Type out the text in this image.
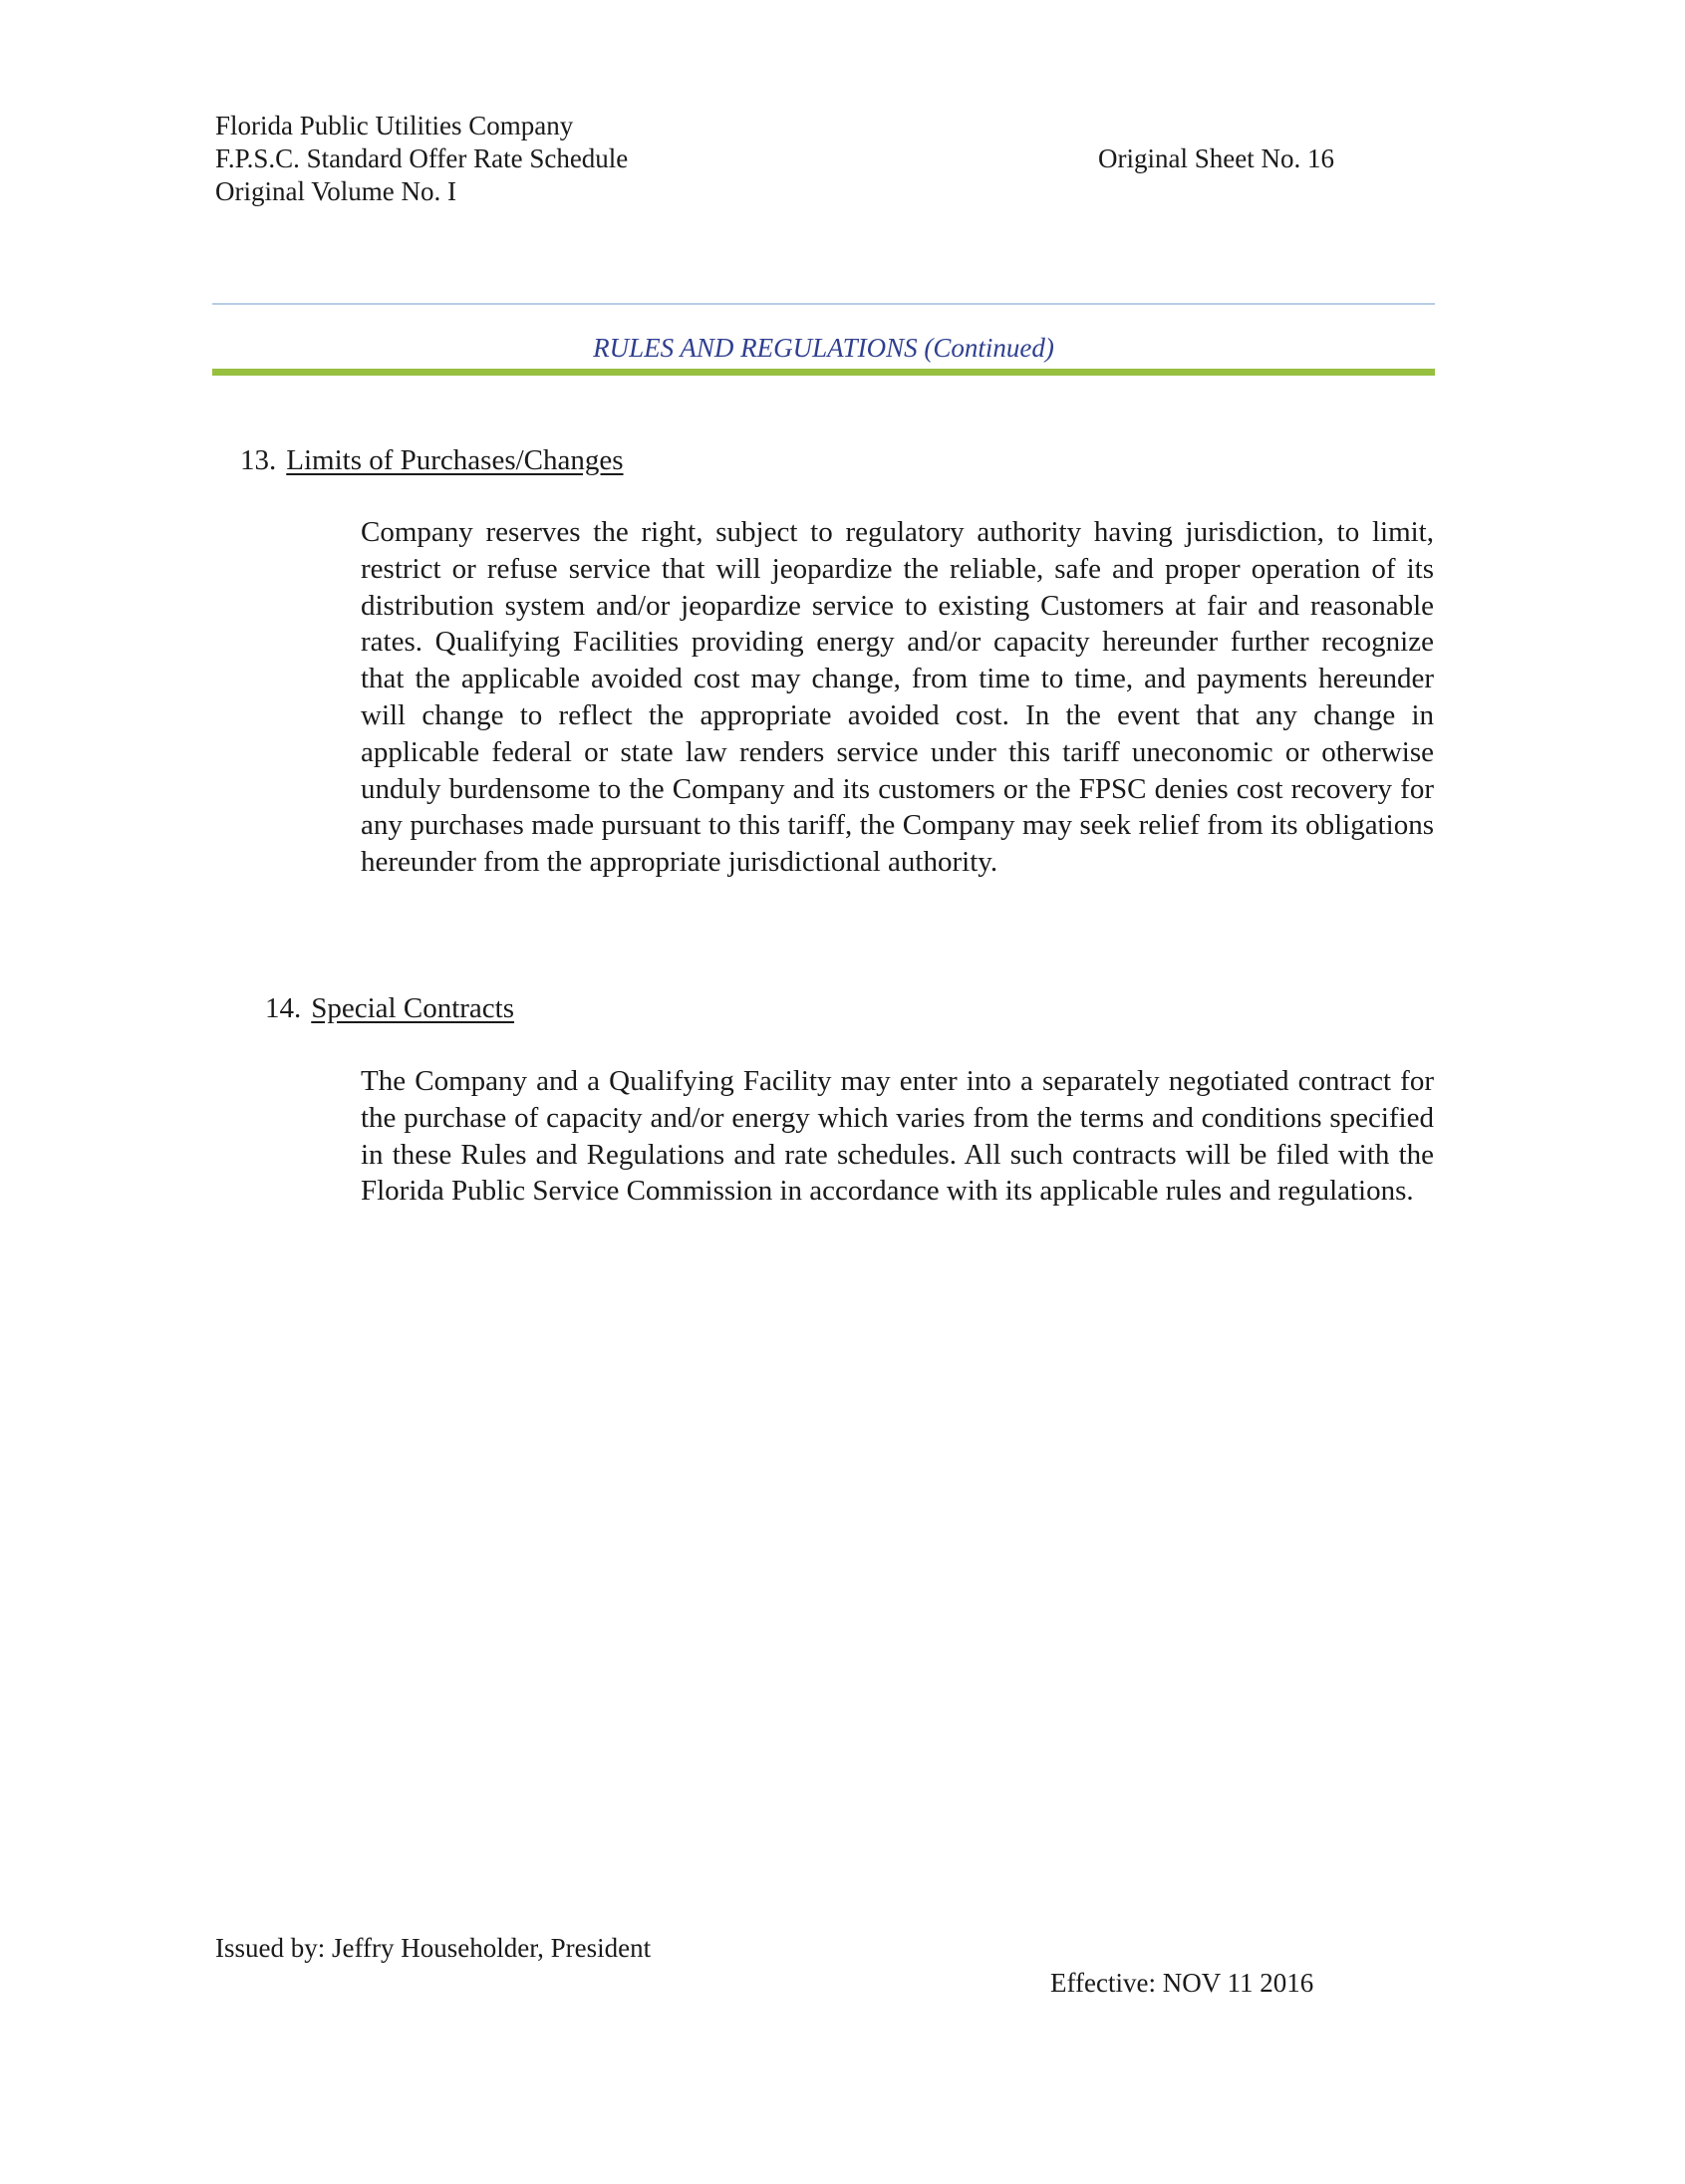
Florida Public Utilities Company
F.P.S.C. Standard Offer Rate Schedule
Original Volume No. I
Original Sheet No. 16
RULES AND REGULATIONS (Continued)
13. Limits of Purchases/Changes
Company reserves the right, subject to regulatory authority having jurisdiction, to limit, restrict or refuse service that will jeopardize the reliable, safe and proper operation of its distribution system and/or jeopardize service to existing Customers at fair and reasonable rates. Qualifying Facilities providing energy and/or capacity hereunder further recognize that the applicable avoided cost may change, from time to time, and payments hereunder will change to reflect the appropriate avoided cost. In the event that any change in applicable federal or state law renders service under this tariff uneconomic or otherwise unduly burdensome to the Company and its customers or the FPSC denies cost recovery for any purchases made pursuant to this tariff, the Company may seek relief from its obligations hereunder from the appropriate jurisdictional authority.
14. Special Contracts
The Company and a Qualifying Facility may enter into a separately negotiated contract for the purchase of capacity and/or energy which varies from the terms and conditions specified in these Rules and Regulations and rate schedules. All such contracts will be filed with the Florida Public Service Commission in accordance with its applicable rules and regulations.
Issued by: Jeffry Householder, President
Effective: NOV 11 2016
